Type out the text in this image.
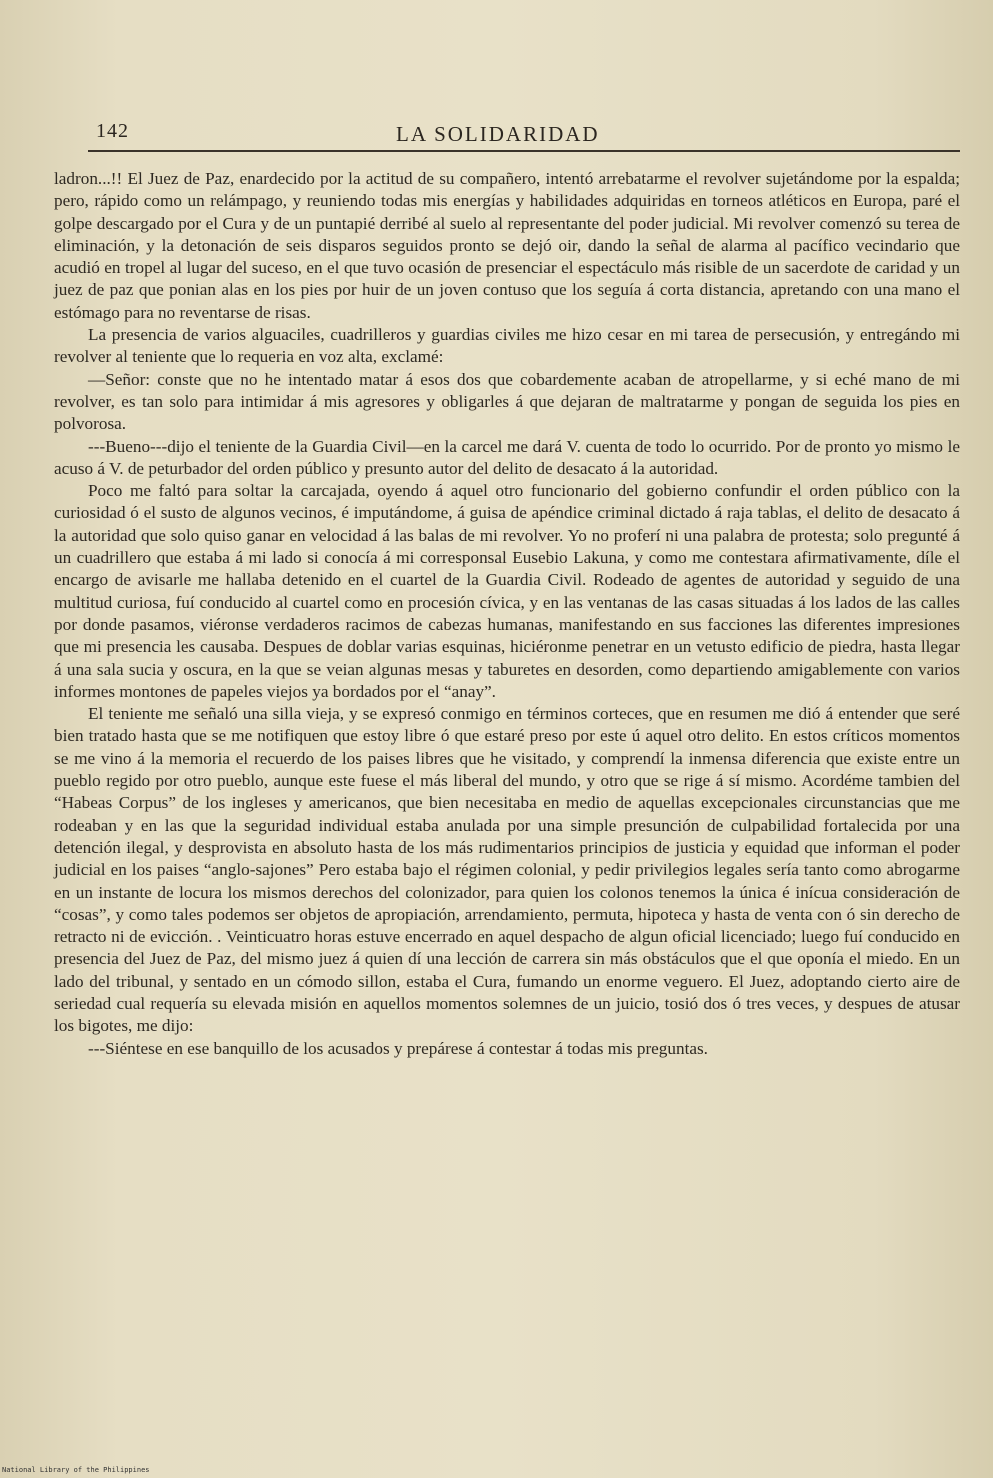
142	LA SOLIDARIDAD

ladron...!! El Juez de Paz, enardecido por la actitud de su compañero, intentó arrebatarme el revolver sujetándome por la espalda; pero, rápido como un relámpago, y reuniendo todas mis energías y habilidades adquiridas en torneos atléticos en Europa, paré el golpe descargado por el Cura y de un puntapié derribé al suelo al representante del poder judicial. Mi revolver comenzó su terea de eliminación, y la detonación de seis disparos seguidos pronto se dejó oir, dando la señal de alarma al pacífico vecindario que acudió en tropel al lugar del suceso, en el que tuvo ocasión de presenciar el espectáculo más risible de un sacerdote de caridad y un juez de paz que ponian alas en los pies por huir de un joven contuso que los seguía á corta distancia, apretando con una mano el estómago para no reventarse de risas.

La presencia de varios alguaciles, cuadrilleros y guardias civiles me hizo cesar en mi tarea de persecusión, y entregándo mi revolver al teniente que lo requeria en voz alta, exclamé:

—Señor: conste que no he intentado matar á esos dos que cobardemente acaban de atropellarme, y si eché mano de mi revolver, es tan solo para intimidar á mis agresores y obligarles á que dejaran de maltratarme y pongan de seguida los pies en polvorosa.

---Bueno---dijo el teniente de la Guardia Civil—en la carcel me dará V. cuenta de todo lo ocurrido. Por de pronto yo mismo le acuso á V. de peturbador del orden público y presunto autor del delito de desacato á la autoridad.

Poco me faltó para soltar la carcajada, oyendo á aquel otro funcionario del gobierno confundir el orden público con la curiosidad ó el susto de algunos vecinos, é imputándome, á guisa de apéndice criminal dictado á raja tablas, el delito de desacato á la autoridad que solo quiso ganar en velocidad á las balas de mi revolver. Yo no proferí ni una palabra de protesta; solo pregunté á un cuadrillero que estaba á mi lado si conocía á mi corresponsal Eusebio Lakuna, y como me contestara afirmativamente, díle el encargo de avisarle me hallaba detenido en el cuartel de la Guardia Civil. Rodeado de agentes de autoridad y seguido de una multitud curiosa, fuí conducido al cuartel como en procesión cívica, y en las ventanas de las casas situadas á los lados de las calles por donde pasamos, viéronse verdaderos racimos de cabezas humanas, manifestando en sus facciones las diferentes impresiones que mi presencia les causaba. Despues de doblar varias esquinas, hiciéronme penetrar en un vetusto edificio de piedra, hasta llegar á una sala sucia y oscura, en la que se veian algunas mesas y taburetes en desorden, como departiendo amigablemente con varios informes montones de papeles viejos ya bordados por el “anay”.

El teniente me señaló una silla vieja, y se expresó conmigo en términos corteces, que en resumen me dió á entender que seré bien tratado hasta que se me notifiquen que estoy libre ó que estaré preso por este ú aquel otro delito. En estos críticos momentos se me vino á la memoria el recuerdo de los paises libres que he visitado, y comprendí la inmensa diferencia que existe entre un pueblo regido por otro pueblo, aunque este fuese el más liberal del mundo, y otro que se rige á sí mismo. Acordéme tambien del “Habeas Corpus” de los ingleses y americanos, que bien necesitaba en medio de aquellas excepcionales circunstancias que me rodeaban y en las que la seguridad individual estaba anulada por una simple presunción de culpabilidad fortalecida por una detención ilegal, y desprovista en absoluto hasta de los más rudimentarios principios de justicia y equidad que informan el poder judicial en los paises “anglo-sajones” Pero estaba bajo el régimen colonial, y pedir privilegios legales sería tanto como abrogarme en un instante de locura los mismos derechos del colonizador, para quien los colonos tenemos la única é inícua consideración de “cosas”, y como tales podemos ser objetos de apropiación, arrendamiento, permuta, hipoteca y hasta de venta con ó sin derecho de retracto ni de evicción. . Veinticuatro horas estuve encerrado en aquel despacho de algun oficial licenciado; luego fuí conducido en presencia del Juez de Paz, del mismo juez á quien dí una lección de carrera sin más obstáculos que el que oponía el miedo. En un lado del tribunal, y sentado en un cómodo sillon, estaba el Cura, fumando un enorme veguero. El Juez, adoptando cierto aire de seriedad cual requería su elevada misión en aquellos momentos solemnes de un juicio, tosió dos ó tres veces, y despues de atusar los bigotes, me dijo:

---Siéntese en ese banquillo de los acusados y prepárese á contestar á todas mis preguntas.

National Library of the Philippines
